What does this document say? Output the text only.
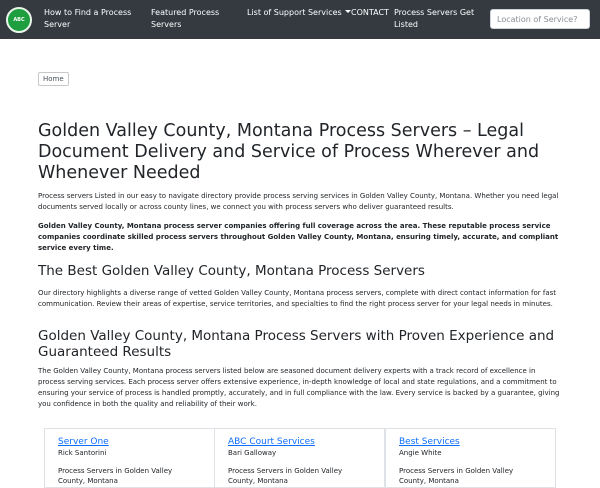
ABC
How to Find a Process Server
Featured Process Servers
List of Support Services	CONTACT Process Servers Get Listed
Location of Service?
Home
Golden Valley County, Montana Process Servers – Legal Document Delivery and Service of Process Wherever and Whenever Needed

Process servers Listed in our easy to navigate directory provide process serving services in Golden Valley County, Montana. Whether you need legal documents served locally or across county lines, we connect you with process servers who deliver guaranteed results.

Golden Valley County, Montana process server companies offering full coverage across the area. These reputable process service companies coordinate skilled process servers throughout Golden Valley County, Montana, ensuring timely, accurate, and compliant service every time.

The Best Golden Valley County, Montana Process Servers

Our directory highlights a diverse range of vetted Golden Valley County, Montana process servers, complete with direct contact information for fast communication. Review their areas of expertise, service territories, and specialties to find the right process server for your legal needs in minutes.

Golden Valley County, Montana Process Servers with Proven Experience and Guaranteed Results

The Golden Valley County, Montana process servers listed below are seasoned document delivery experts with a track record of excellence in process serving services. Each process server offers extensive experience, in-depth knowledge of local and state regulations, and a commitment to ensuring your service of process is handled promptly, accurately, and in full compliance with the law. Every service is backed by a guarantee, giving you confidence in both the quality and reliability of their work.

Server One
Rick Santorini
Process Servers in Golden Valley County, Montana
ABC Court Services
Bari Galloway
Process Servers in Golden Valley County, Montana
Best Services
Angie White
Process Servers in Golden Valley County, Montana
